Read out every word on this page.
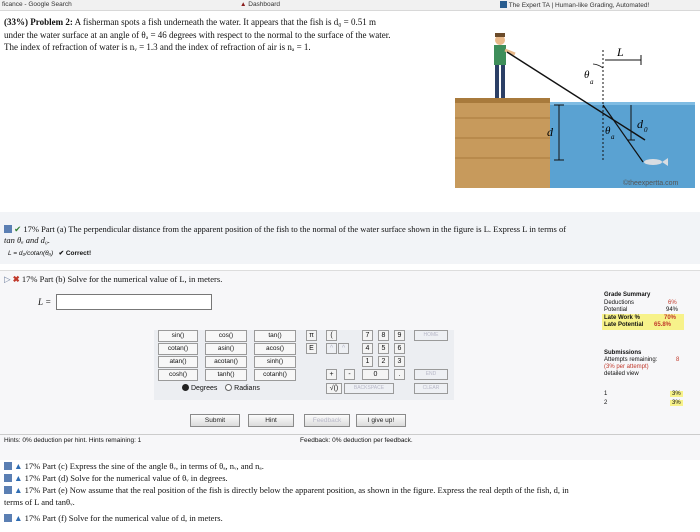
ficance - Google Search	▲ Dashboard	The Expert TA | Human-like Grading, Automated!
(33%) Problem 2: A fisherman spots a fish underneath the water. It appears that the fish is d₀ = 0.51 m
under the water surface at an angle of θₐ = 46 degrees with respect to the normal to the surface of the water.
The index of refraction of water is nᵥ = 1.3 and the index of refraction of air is nₐ = 1.	L
θ
a
θ a
d
d 0
©theexpertta.com
✔ 17% Part (a) The perpendicular distance from the apparent position of the fish to the normal of the water surface shown in the figure is L. Express L in terms of
tan θₐ and d₀.
L = d₀/cotan(θₐ) ✔ Correct!
▷ ✖ 17% Part (b) Solve for the numerical value of L, in meters.
L =
sin()	cos()	tan()
cotan()	asin()	acos()
atan()	acotan()	sinh()
cosh()	tanh()	cotanh()
Degrees Radians
π
E
(
^	^
7	8	9
4	5	6
1	2	3
+	-	0	.
√()	BACKSPACE
HOME
END
CLEAR
Submit	Hint	Feedback	I give up!
Grade Summary
Deductions	6%
Potential	94%
Late Work %	70%
Late Potential 65.8%
Submissions
Attempts remaining:	8
(3% per attempt)
detailed view
1	3%
2	3%
Hints: 0% deduction per hint. Hints remaining: 1	Feedback: 0% deduction per feedback.
▲ 17% Part (c) Express the sine of the angle θᵥ, in terms of θₐ, nᵥ, and nₐ.
▲ 17% Part (d) Solve for the numerical value of θᵥ in degrees.
▲ 17% Part (e) Now assume that the real position of the fish is directly below the apparent position, as shown in the figure. Express the real depth of the fish, d, in
terms of L and tanθᵥ.
▲ 17% Part (f) Solve for the numerical value of d, in meters.
